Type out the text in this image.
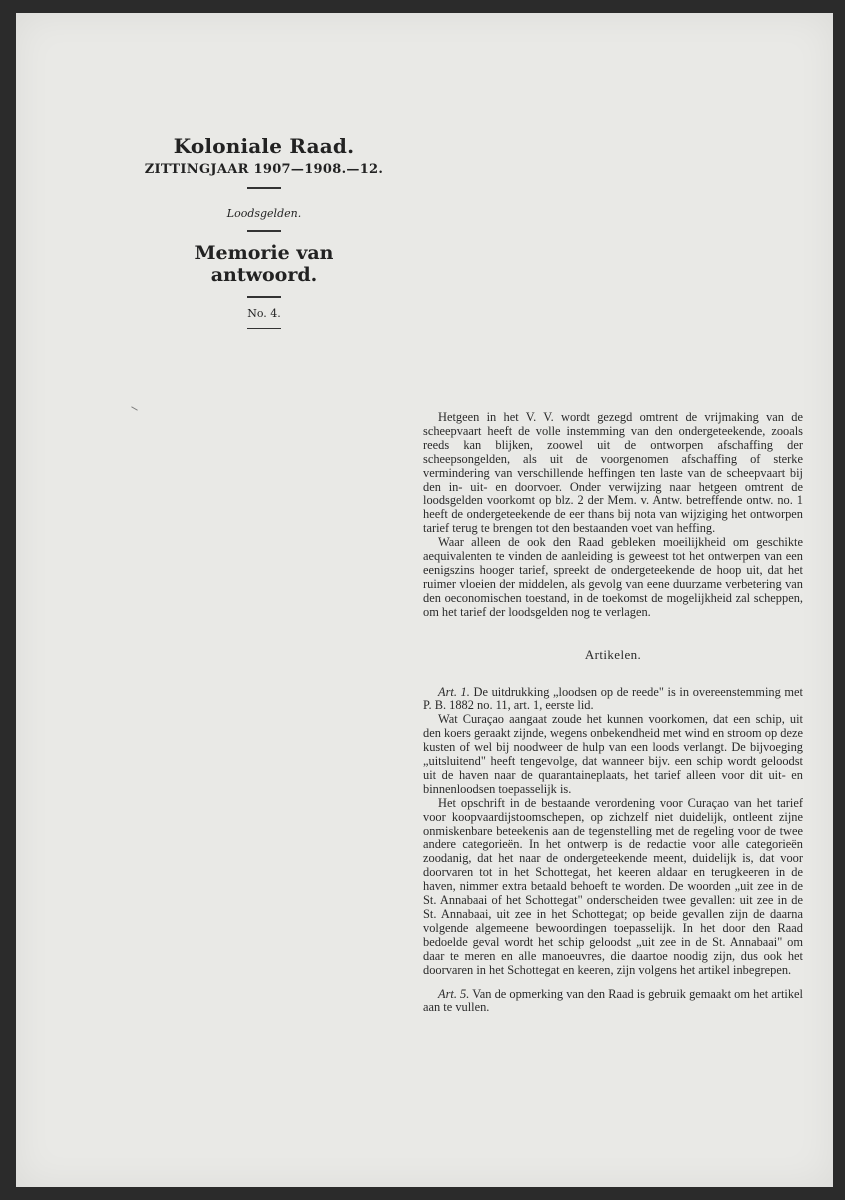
Koloniale Raad.
ZITTINGJAAR 1907—1908.—12.
Loodsgelden.
Memorie van antwoord.
No. 4.

Hetgeen in het V. V. wordt gezegd omtrent de vrijmaking van de scheepvaart heeft de volle instemming van den ondergeteekende, zooals reeds kan blijken, zoowel uit de ontworpen afschaffing der scheepsongelden, als uit de voorgenomen afschaffing of sterke vermindering van verschillende heffingen ten laste van de scheepvaart bij den in- uit- en doorvoer. Onder verwijzing naar hetgeen omtrent de loodsgelden voorkomt op blz. 2 der Mem. v. Antw. betreffende ontw. no. 1 heeft de ondergeteekende de eer thans bij nota van wijziging het ontworpen tarief terug te brengen tot den bestaanden voet van heffing.

Waar alleen de ook den Raad gebleken moeilijkheid om geschikte aequivalenten te vinden de aanleiding is geweest tot het ontwerpen van een eenigszins hooger tarief, spreekt de ondergeteekende de hoop uit, dat het ruimer vloeien der middelen, als gevolg van eene duurzame verbetering van den oeconomischen toestand, in de toekomst de mogelijkheid zal scheppen, om het tarief der loodsgelden nog te verlagen.

Artikelen.

Art. 1. De uitdrukking „loodsen op de reede" is in overeenstemming met P. B. 1882 no. 11, art. 1, eerste lid.

Wat Curaçao aangaat zoude het kunnen voorkomen, dat een schip, uit den koers geraakt zijnde, wegens onbekendheid met wind en stroom op deze kusten of wel bij noodweer de hulp van een loods verlangt. De bijvoeging „uitsluitend" heeft tengevolge, dat wanneer bijv. een schip wordt geloodst uit de haven naar de quarantaineplaats, het tarief alleen voor dit uit- en binnenloodsen toepasselijk is.

Het opschrift in de bestaande verordening voor Curaçao van het tarief voor koopvaardijstoomschepen, op zichzelf niet duidelijk, ontleent zijne onmiskenbare beteekenis aan de tegenstelling met de regeling voor de twee andere categorieën. In het ontwerp is de redactie voor alle categorieën zoodanig, dat het naar de ondergeteekende meent, duidelijk is, dat voor doorvaren tot in het Schottegat, het keeren aldaar en terugkeeren in de haven, nimmer extra betaald behoeft te worden. De woorden „uit zee in de St. Annabaai of het Schottegat" onderscheiden twee gevallen: uit zee in de St. Annabaai, uit zee in het Schottegat; op beide gevallen zijn de daarna volgende algemeene bewoordingen toepasselijk. In het door den Raad bedoelde geval wordt het schip geloodst „uit zee in de St. Annabaai" om daar te meren en alle manoeuvres, die daartoe noodig zijn, dus ook het doorvaren in het Schottegat en keeren, zijn volgens het artikel inbegrepen.

Art. 5. Van de opmerking van den Raad is gebruik gemaakt om het artikel aan te vullen.
